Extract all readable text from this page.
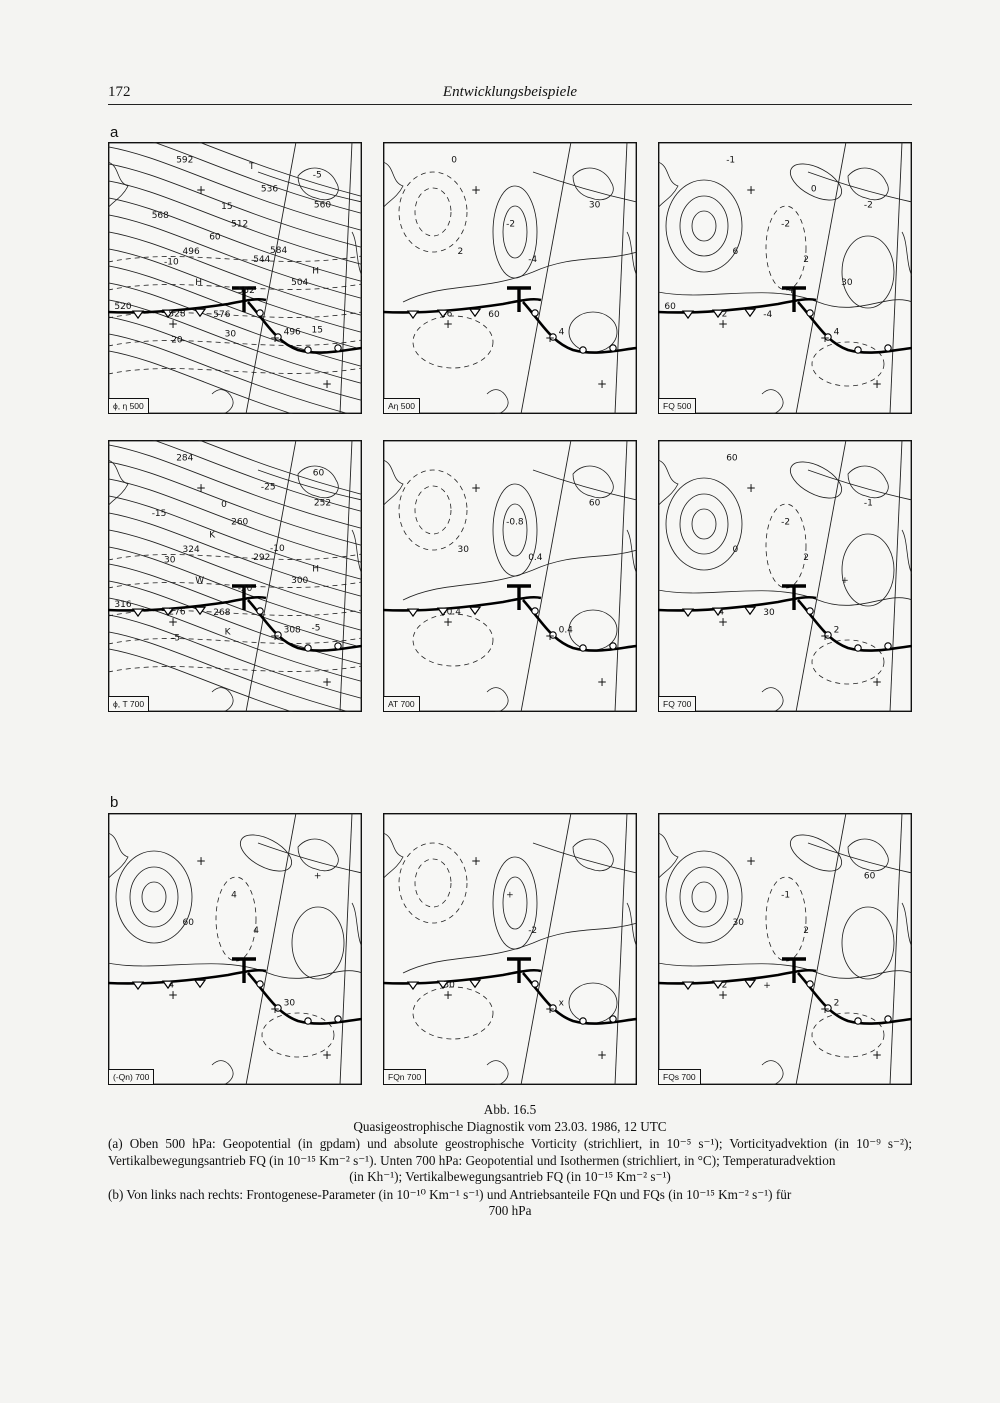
172	Entwicklungsbeispiele
a
b
+
+
+
+
544
528
512
496
496
560
576
592
504
520
536
552
568
584
20
15
15
-10
-5
30
60
H
H
T
ϕ, η 500
+
+
+
+
-4
-6
-2
4
2
30
60
0
Aη 500
+
+
+
+
2
-2
-2
4
6
-2
-4
-1
30
60
0
+
FQ 500
+
+
+
+
292
276
260
308
324
252
268
284
300
316
-25
-20
-15
-10
-5
0
-5
30
60
K
K
H
W
ϕ, T 700
+
+
+
+
0.4
-0.4
-0.8
0.4
30
60
AT 700
+
+
+
+
2
4
-2
2
0
-1
30
60
+
FQ 700
+
+
+
+
4
4
4
30
60
+
(-Qn) 700
+
+
+
+
-2
30
+
x
FQn 700
+
+
+
+
2
-2
-1
2
30
60
+
FQs 700
Abb. 16.5
Quasigeostrophische Diagnostik vom 23.03. 1986, 12 UTC
(a) Oben 500 hPa: Geopotential (in gpdam) und absolute geostrophische Vorticity (strichliert, in 10⁻⁵ s⁻¹); Vorticityadvektion (in 10⁻⁹ s⁻²); Vertikalbewegungsantrieb FQ (in 10⁻¹⁵ Km⁻² s⁻¹). Unten 700 hPa: Geopotential und Isothermen (strichliert, in °C); Temperaturadvektion
(in Kh⁻¹); Vertikalbewegungsantrieb FQ (in 10⁻¹⁵ Km⁻² s⁻¹)
(b) Von links nach rechts: Frontogenese-Parameter (in 10⁻¹⁰ Km⁻¹ s⁻¹) und Antriebsanteile FQn und FQs (in 10⁻¹⁵ Km⁻² s⁻¹) für
700 hPa
